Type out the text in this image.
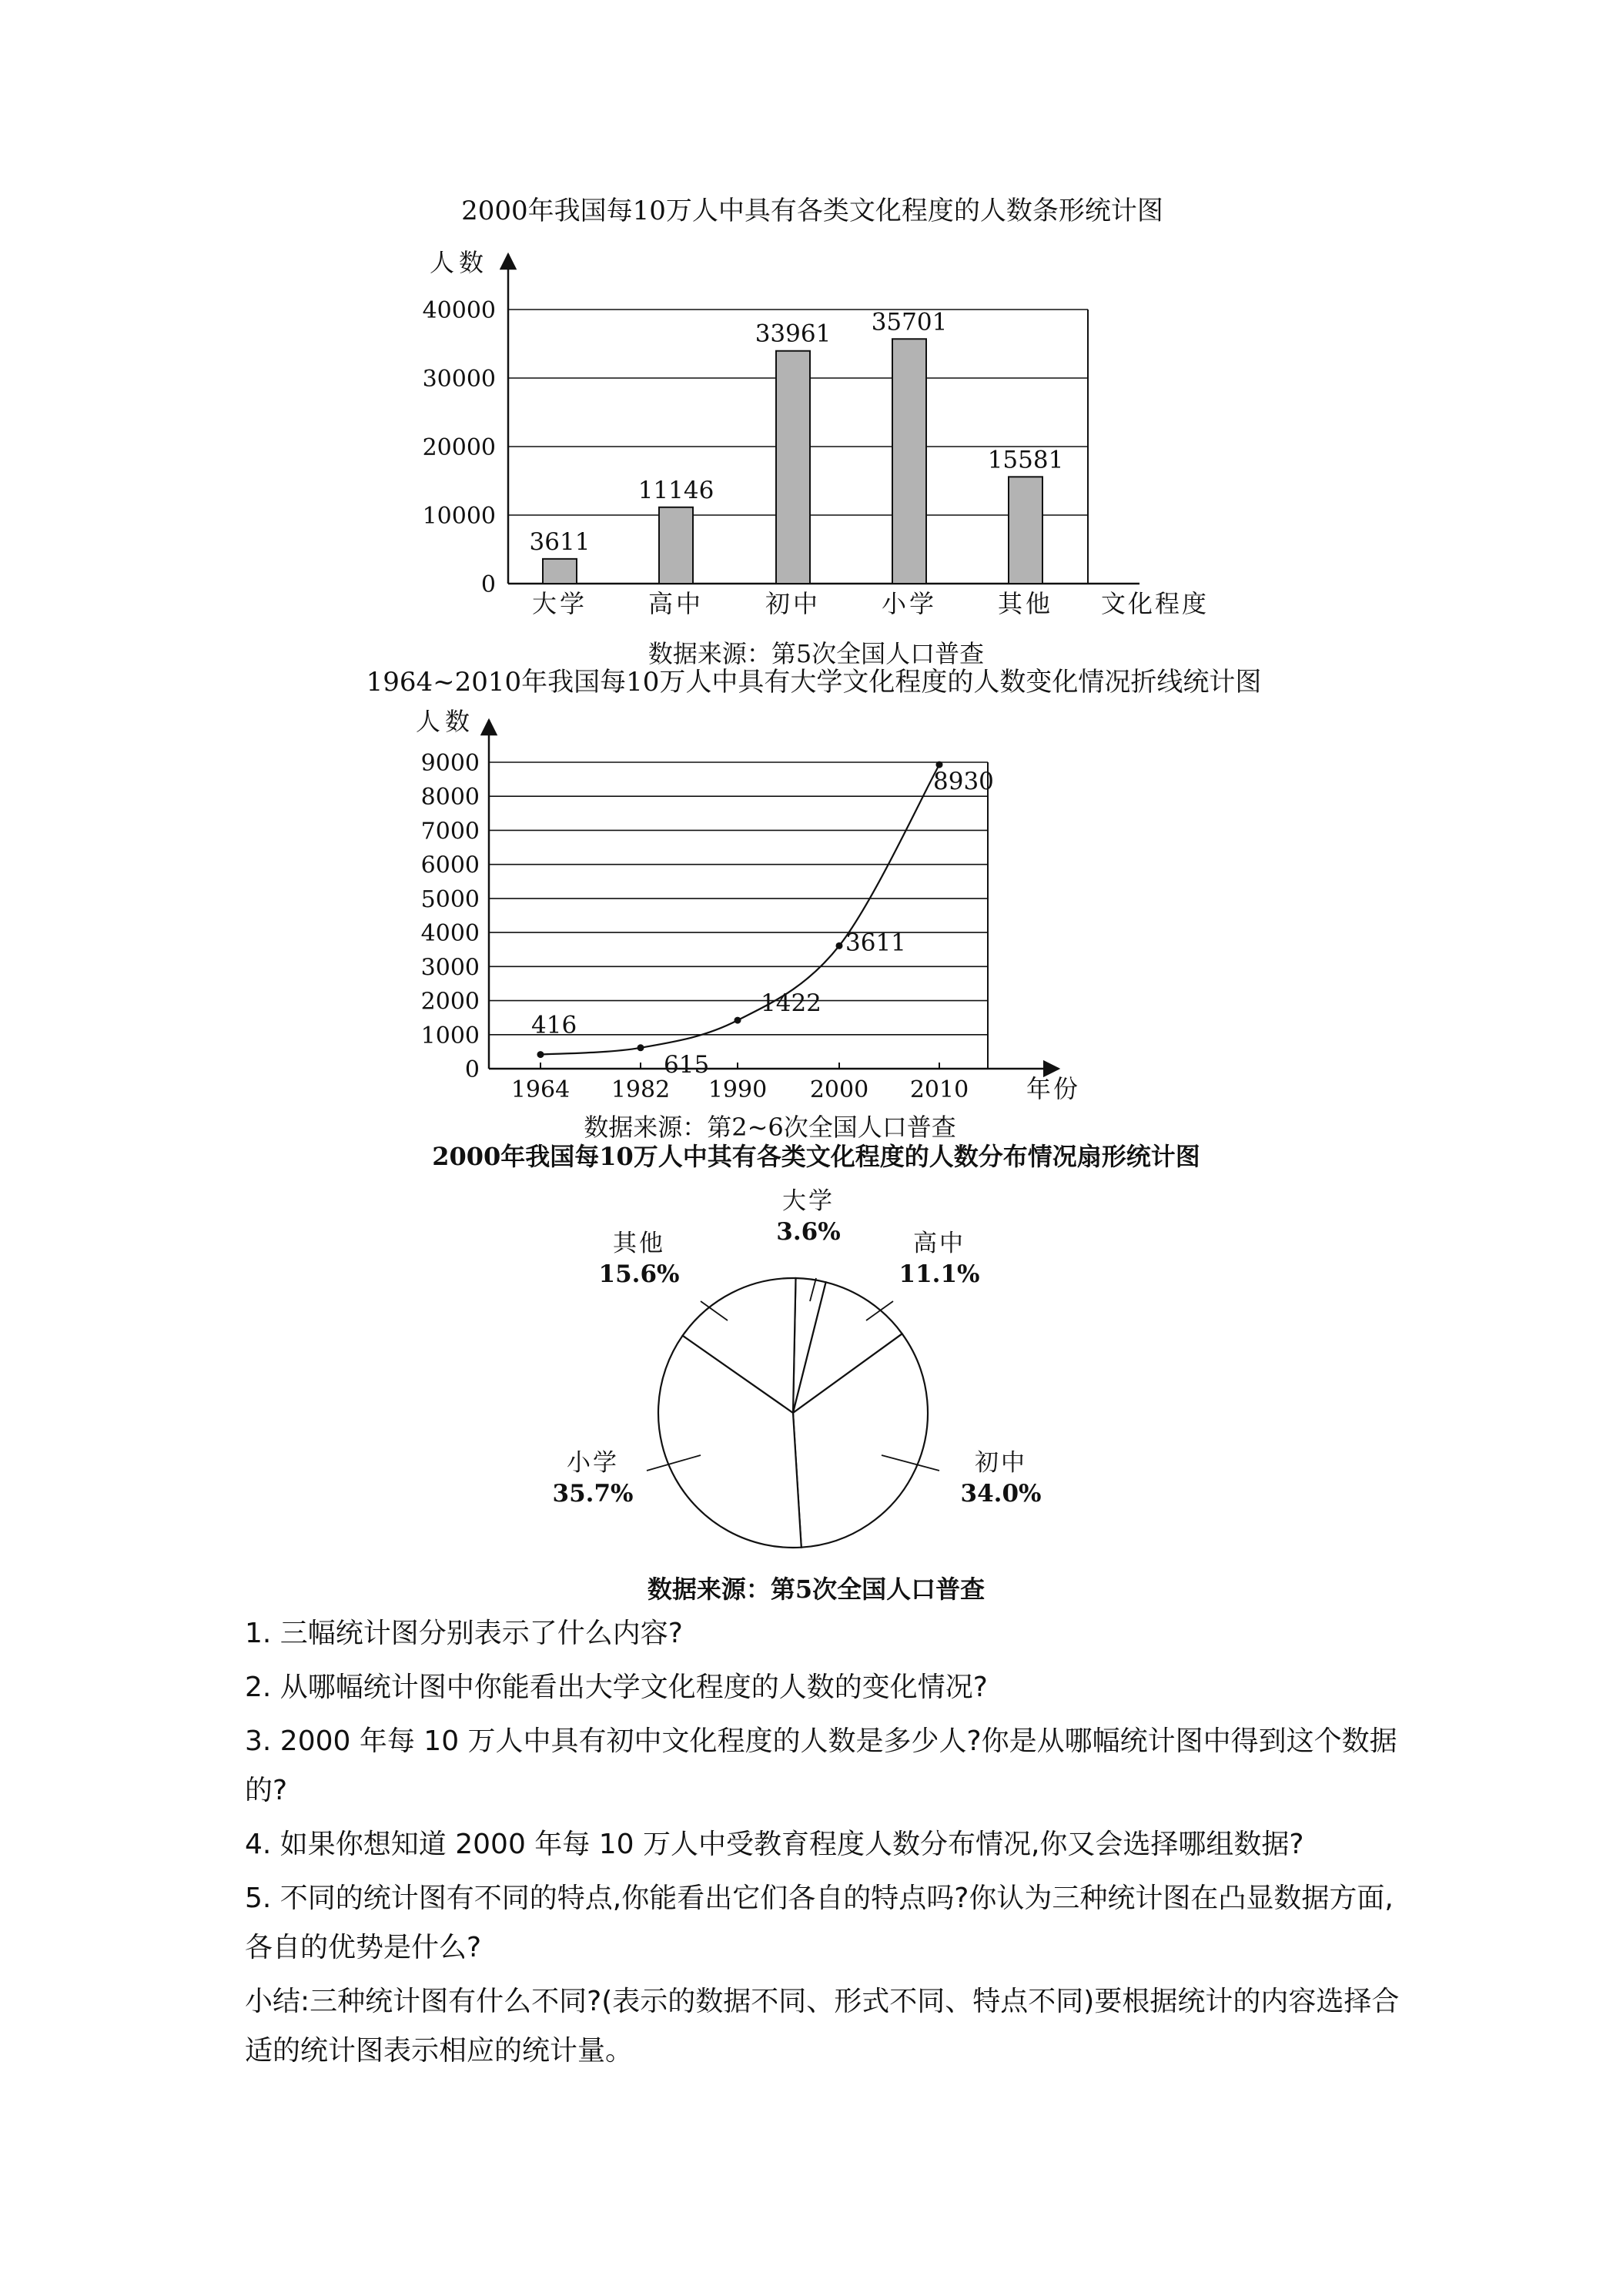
2000年我国每10万人中具有各类文化程度的人数条形统计图
人数
0
10000
20000
30000
40000
3611
11146
33961 35701
15581
大学 高中 初中 小学 其他 文化程度
数据来源：第5次全国人口普查
1964~2010年我国每10万人中具有大学文化程度的人数变化情况折线统计图
人数
0
1000
2000
3000
4000
5000
6000
7000
8000
9000
416
615
1422
3611
8930
1964 1982 1990 2000 2010 年份
数据来源：第2~6次全国人口普查
2000年我国每10万人中其有各类文化程度的人数分布情况扇形统计图
大学
3.6%	高中
11.1%
初中
34.0%
小学
35.7%
其他
15.6%
数据来源：第5次全国人口普查

1. 三幅统计图分别表示了什么内容?

2. 从哪幅统计图中你能看出大学文化程度的人数的变化情况?

3. 2000 年每 10 万人中具有初中文化程度的人数是多少人?你是从哪幅统计图中得到这个数据的?

4. 如果你想知道 2000 年每 10 万人中受教育程度人数分布情况,你又会选择哪组数据?

5. 不同的统计图有不同的特点,你能看出它们各自的特点吗?你认为三种统计图在凸显数据方面,各自的优势是什么?

小结:三种统计图有什么不同?(表示的数据不同、形式不同、特点不同)要根据统计的内容选择合适的统计图表示相应的统计量。
